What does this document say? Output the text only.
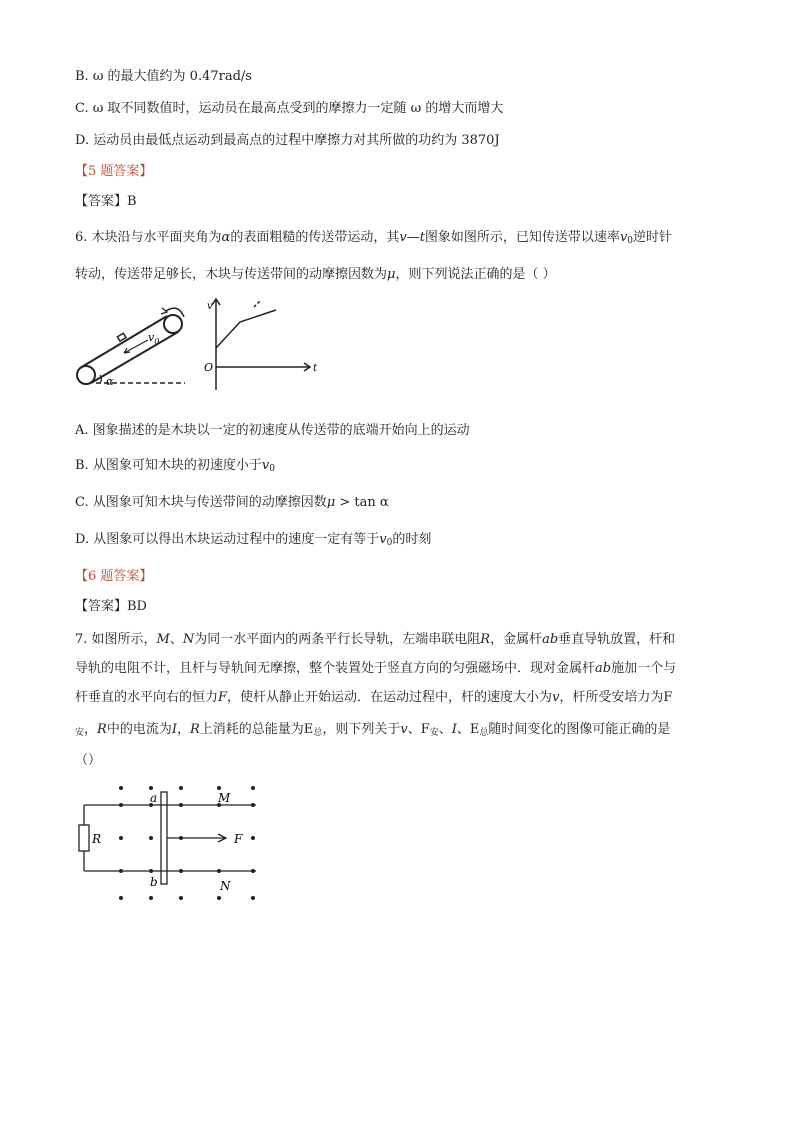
B. ω 的最大值约为 0.47rad/s
C. ω 取不同数值时，运动员在最高点受到的摩擦力一定随 ω 的增大而增大
D. 运动员由最低点运动到最高点的过程中摩擦力对其所做的功约为 3870J
【5 题答案】
【答案】B
6. 木块沿与水平面夹角为α的表面粗糙的传送带运动，其v—t图象如图所示，已知传送带以速率$v_0$逆时针
转动，传送带足够长，木块与传送带间的动摩擦因数为μ，则下列说法正确的是（ ）
$v_0$
α
v
O	t
A. 图象描述的是木块以一定的初速度从传送带的底端开始向上的运动
B. 从图象可知木块的初速度小于$v_0$
C. 从图象可知木块与传送带间的动摩擦因数μ > tan α
D. 从图象可以得出木块运动过程中的速度一定有等于$v_0$的时刻
【6 题答案】
【答案】BD
7. 如图所示，M、N为同一水平面内的两条平行长导轨，左端串联电阻R，金属杆ab垂直导轨放置，杆和
导轨的电阻不计，且杆与导轨间无摩擦，整个装置处于竖直方向的匀强磁场中．现对金属杆ab施加一个与
杆垂直的水平向右的恒力F，使杆从静止开始运动．在运动过程中，杆的速度大小为v，杆所受安培力为F
$_安$，R中的电流为I，R上消耗的总能量为$E_总$，则下列关于v、$F_安$、I、$E_总$随时间变化的图像可能正确的是
（）
a	M
R	F
b	N
